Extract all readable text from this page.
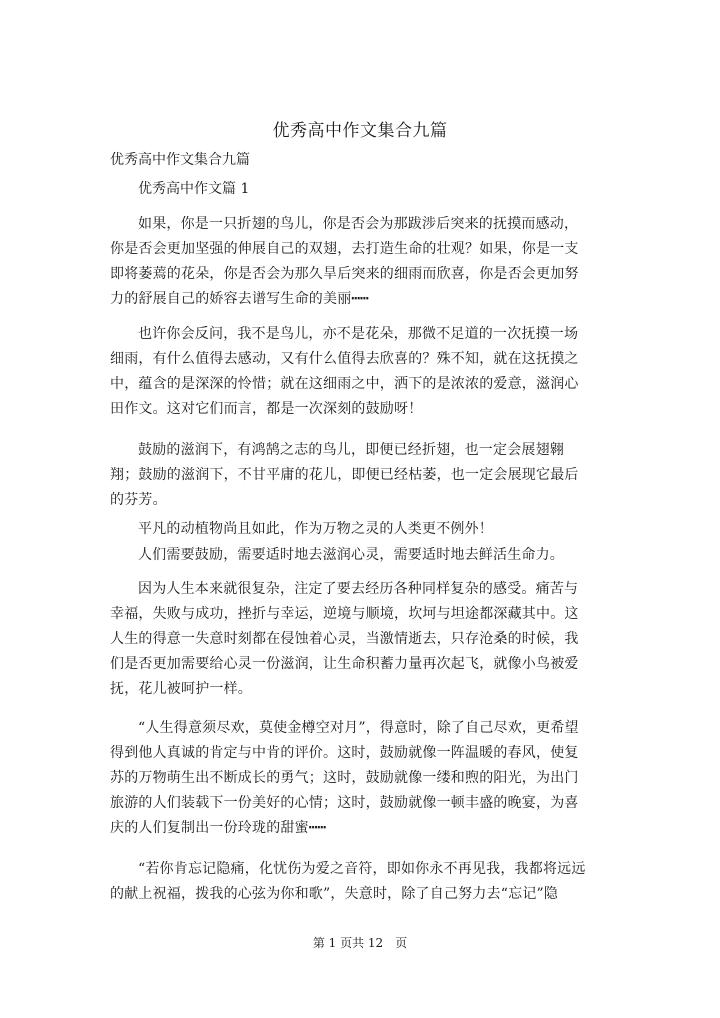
优秀高中作文集合九篇

优秀高中作文集合九篇

优秀高中作文篇 1

如果，你是一只折翅的鸟儿，你是否会为那跋涉后突来的抚摸而感动，你是否会更加坚强的伸展自己的双翅，去打造生命的壮观？如果，你是一支即将萎蔫的花朵，你是否会为那久旱后突来的细雨而欣喜，你是否会更加努力的舒展自己的娇容去谱写生命的美丽┅┅

也许你会反问，我不是鸟儿，亦不是花朵，那微不足道的一次抚摸一场细雨，有什么值得去感动，又有什么值得去欣喜的？殊不知，就在这抚摸之中，蕴含的是深深的怜惜；就在这细雨之中，洒下的是浓浓的爱意，滋润心田作文。这对它们而言，都是一次深刻的鼓励呀！

鼓励的滋润下，有鸿鹄之志的鸟儿，即便已经折翅，也一定会展翅翱翔；鼓励的滋润下，不甘平庸的花儿，即便已经枯萎，也一定会展现它最后的芬芳。

平凡的动植物尚且如此，作为万物之灵的人类更不例外！

人们需要鼓励，需要适时地去滋润心灵，需要适时地去鲜活生命力。

因为人生本来就很复杂，注定了要去经历各种同样复杂的感受。痛苦与幸福，失败与成功，挫折与幸运，逆境与顺境，坎坷与坦途都深藏其中。这人生的得意一失意时刻都在侵蚀着心灵，当激情逝去，只存沧桑的时候，我们是否更加需要给心灵一份滋润，让生命积蓄力量再次起飞，就像小鸟被爱抚，花儿被呵护一样。

“人生得意须尽欢，莫使金樽空对月”，得意时，除了自己尽欢，更希望得到他人真诚的肯定与中肯的评价。这时，鼓励就像一阵温暖的春风，使复苏的万物萌生出不断成长的勇气；这时，鼓励就像一缕和煦的阳光，为出门旅游的人们装载下一份美好的心情；这时，鼓励就像一顿丰盛的晚宴，为喜庆的人们复制出一份玲珑的甜蜜┅┅

“若你肯忘记隐痛，化忧伤为爱之音符，即如你永不再见我，我都将远远的献上祝福，拨我的心弦为你和歌”，失意时，除了自己努力去“忘记”隐

第 1 页共 12　页
